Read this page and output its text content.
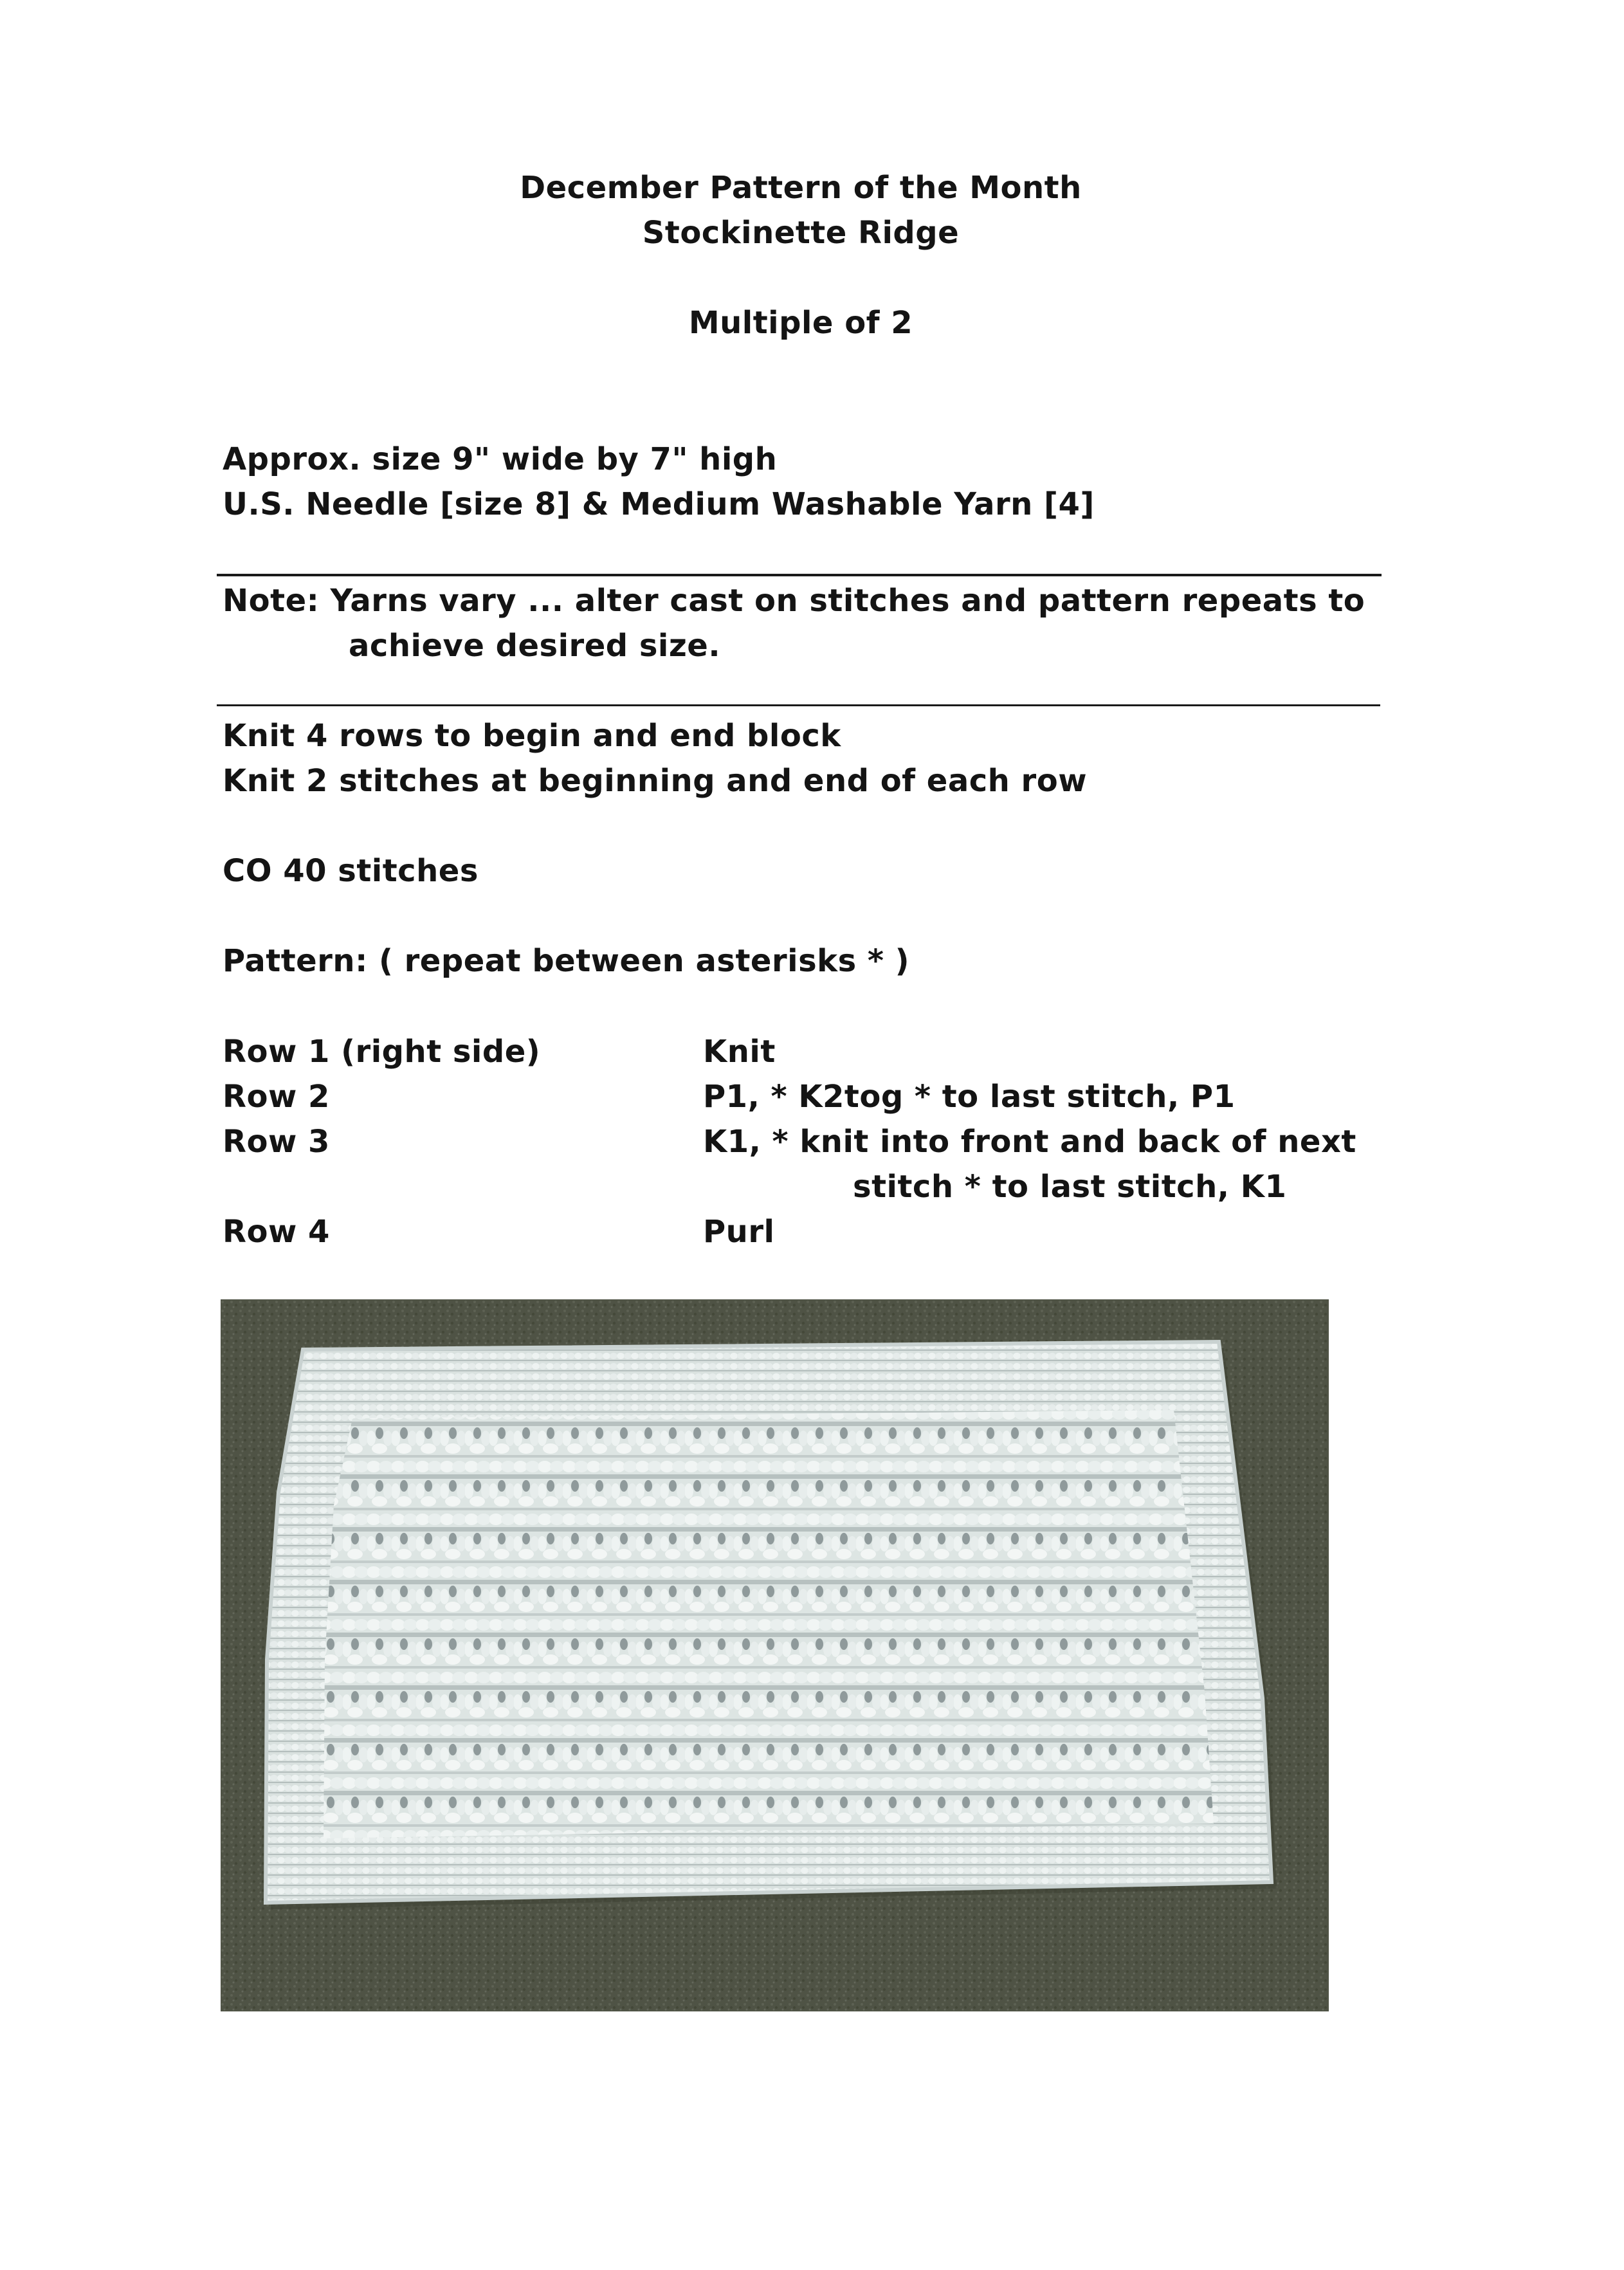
December Pattern of the Month
Stockinette Ridge
Multiple of 2
Approx. size 9" wide by 7" high
U.S. Needle [size 8] & Medium Washable Yarn [4]
Note: Yarns vary ... alter cast on stitches and pattern repeats to
achieve desired size.
Knit 4 rows to begin and end block
Knit 2 stitches at beginning and end of each row
CO 40 stitches
Pattern: ( repeat between asterisks * )
Row 1 (right side)	Knit
Row 2	P1, * K2tog * to last stitch, P1
Row 3	K1, * knit into front and back of next
stitch * to last stitch, K1
Row 4	Purl
